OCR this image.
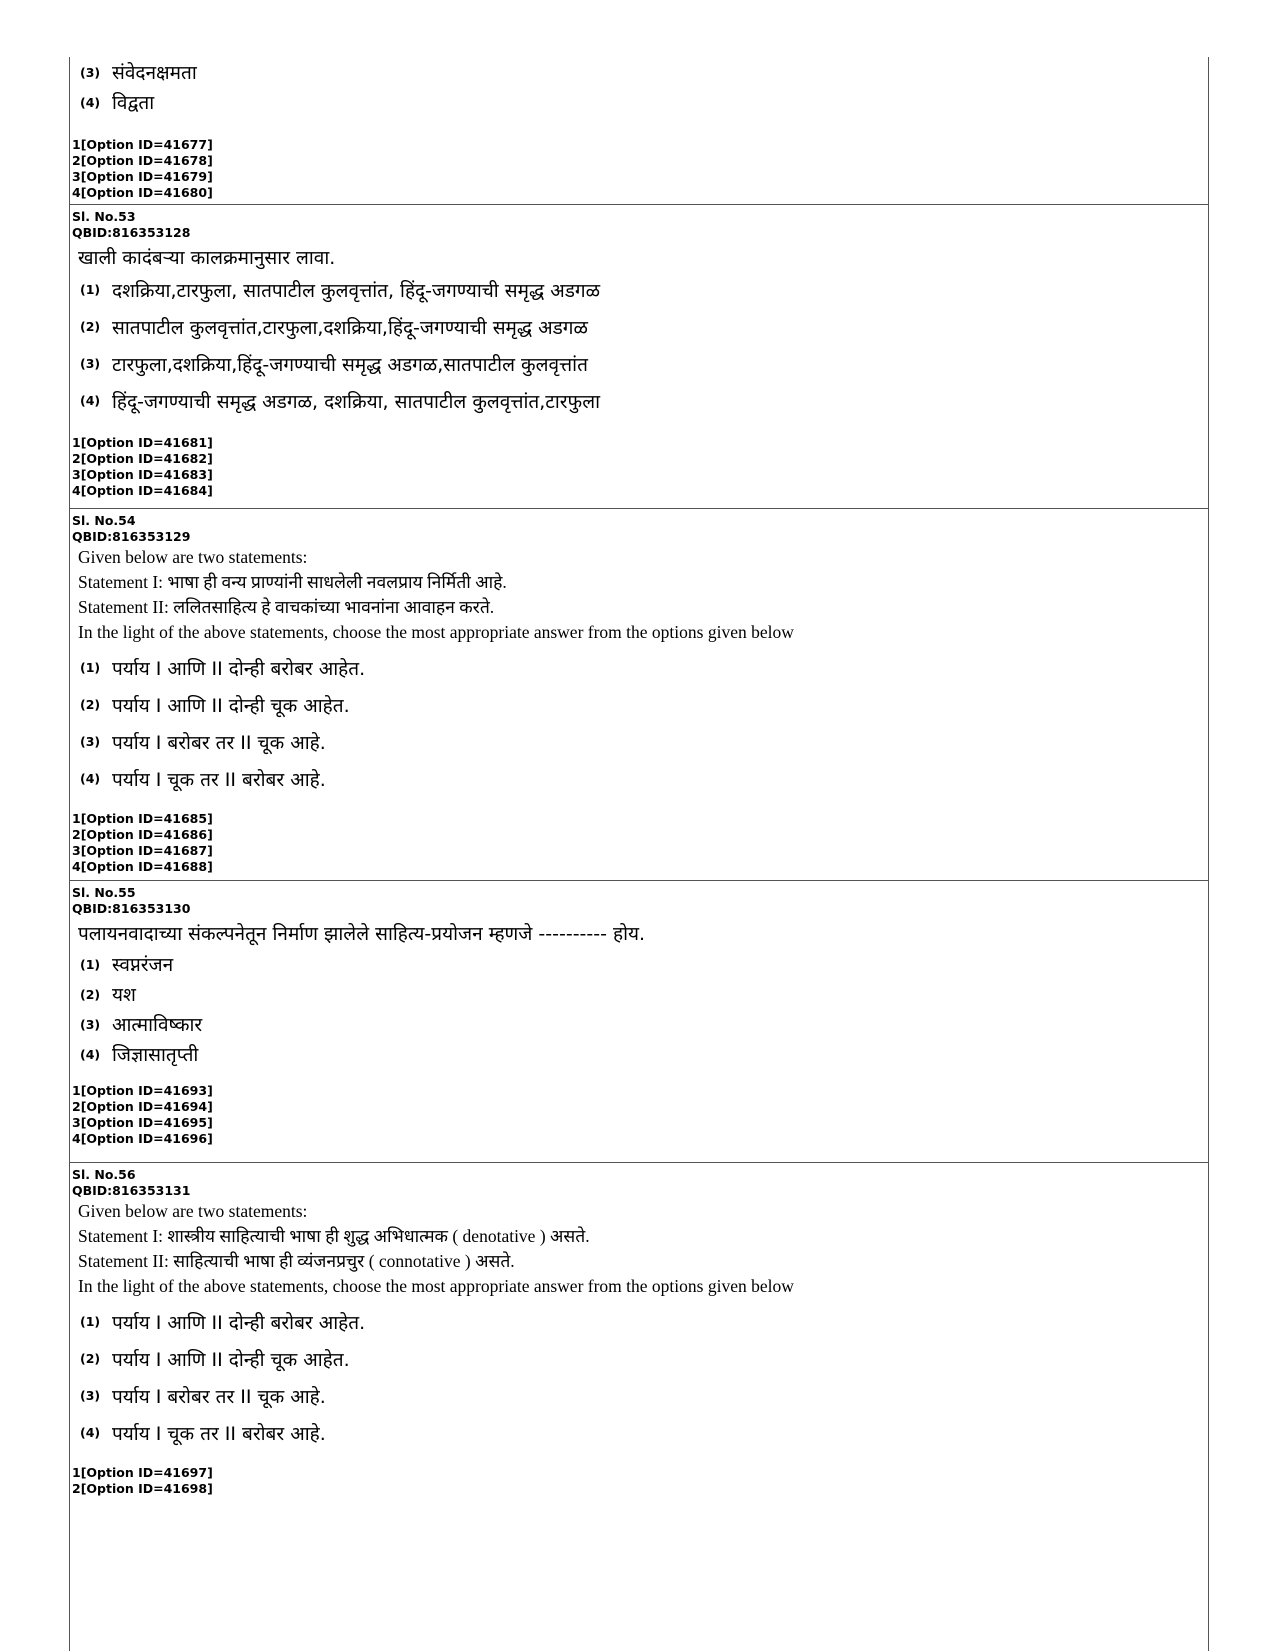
(3) संवेदनक्षमता
(4) विद्वता
1[Option ID=41677]
2[Option ID=41678]
3[Option ID=41679]
4[Option ID=41680]
Sl. No.53
QBID:816353128
खाली कादंबऱ्या कालक्रमानुसार लावा.
(1) दशक्रिया,टारफुला, सातपाटील कुलवृत्तांत, हिंदू-जगण्याची समृद्ध अडगळ
(2) सातपाटील कुलवृत्तांत,टारफुला,दशक्रिया,हिंदू-जगण्याची समृद्ध अडगळ
(3) टारफुला,दशक्रिया,हिंदू-जगण्याची समृद्ध अडगळ,सातपाटील कुलवृत्तांत
(4) हिंदू-जगण्याची समृद्ध अडगळ, दशक्रिया, सातपाटील कुलवृत्तांत,टारफुला
1[Option ID=41681]
2[Option ID=41682]
3[Option ID=41683]
4[Option ID=41684]
Sl. No.54
QBID:816353129
Given below are two statements:
Statement I: भाषा ही वन्य प्राण्यांनी साधलेली नवलप्राय निर्मिती आहे.
Statement II: ललितसाहित्य हे वाचकांच्या भावनांना आवाहन करते.
In the light of the above statements, choose the most appropriate answer from the options given below
(1) पर्याय I आणि II दोन्ही बरोबर आहेत.
(2) पर्याय I आणि II दोन्ही चूक आहेत.
(3) पर्याय I बरोबर तर II चूक आहे.
(4) पर्याय I चूक तर II बरोबर आहे.
1[Option ID=41685]
2[Option ID=41686]
3[Option ID=41687]
4[Option ID=41688]
Sl. No.55
QBID:816353130
पलायनवादाच्या संकल्पनेतून निर्माण झालेले साहित्य-प्रयोजन म्हणजे ---------- होय.
(1) स्वप्नरंजन
(2) यश
(3) आत्माविष्कार
(4) जिज्ञासातृप्ती
1[Option ID=41693]
2[Option ID=41694]
3[Option ID=41695]
4[Option ID=41696]
Sl. No.56
QBID:816353131
Given below are two statements:
Statement I: शास्त्रीय साहित्याची भाषा ही शुद्ध अभिधात्मक ( denotative ) असते.
Statement II: साहित्याची भाषा ही व्यंजनप्रचुर ( connotative ) असते.
In the light of the above statements, choose the most appropriate answer from the options given below
(1) पर्याय I आणि II दोन्ही बरोबर आहेत.
(2) पर्याय I आणि II दोन्ही चूक आहेत.
(3) पर्याय I बरोबर तर II चूक आहे.
(4) पर्याय I चूक तर II बरोबर आहे.
1[Option ID=41697]
2[Option ID=41698]
